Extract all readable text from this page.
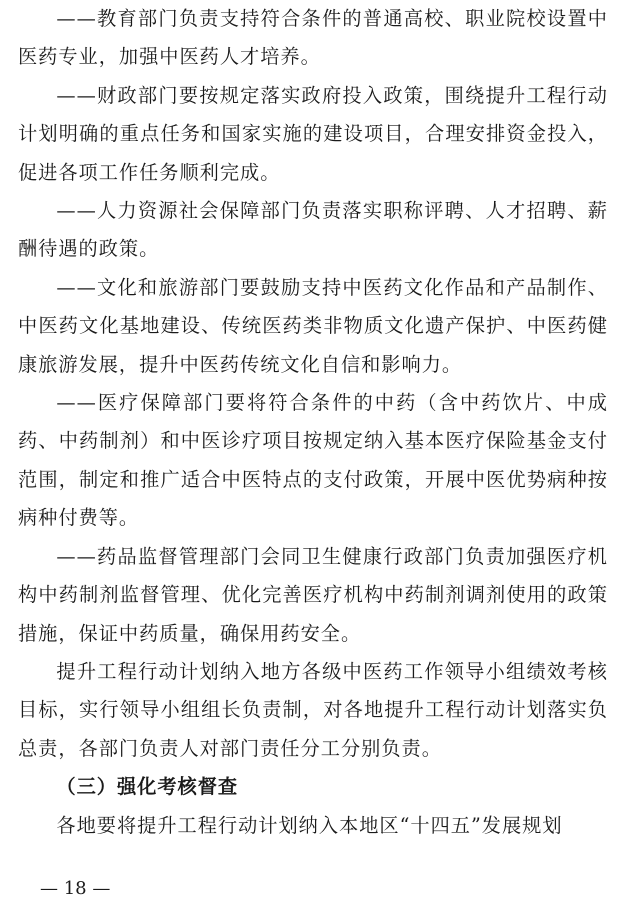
——教育部门负责支持符合条件的普通高校、职业院校设置中医药专业，加强中医药人才培养。

——财政部门要按规定落实政府投入政策，围绕提升工程行动计划明确的重点任务和国家实施的建设项目，合理安排资金投入，促进各项工作任务顺利完成。

——人力资源社会保障部门负责落实职称评聘、人才招聘、薪酬待遇的政策。

——文化和旅游部门要鼓励支持中医药文化作品和产品制作、中医药文化基地建设、传统医药类非物质文化遗产保护、中医药健康旅游发展，提升中医药传统文化自信和影响力。

——医疗保障部门要将符合条件的中药（含中药饮片、中成药、中药制剂）和中医诊疗项目按规定纳入基本医疗保险基金支付范围，制定和推广适合中医特点的支付政策，开展中医优势病种按病种付费等。

——药品监督管理部门会同卫生健康行政部门负责加强医疗机构中药制剂监督管理、优化完善医疗机构中药制剂调剂使用的政策措施，保证中药质量，确保用药安全。

提升工程行动计划纳入地方各级中医药工作领导小组绩效考核目标，实行领导小组组长负责制，对各地提升工程行动计划落实负总责，各部门负责人对部门责任分工分别负责。

（三）强化考核督查

各地要将提升工程行动计划纳入本地区“十四五”发展规划

— 18 —
